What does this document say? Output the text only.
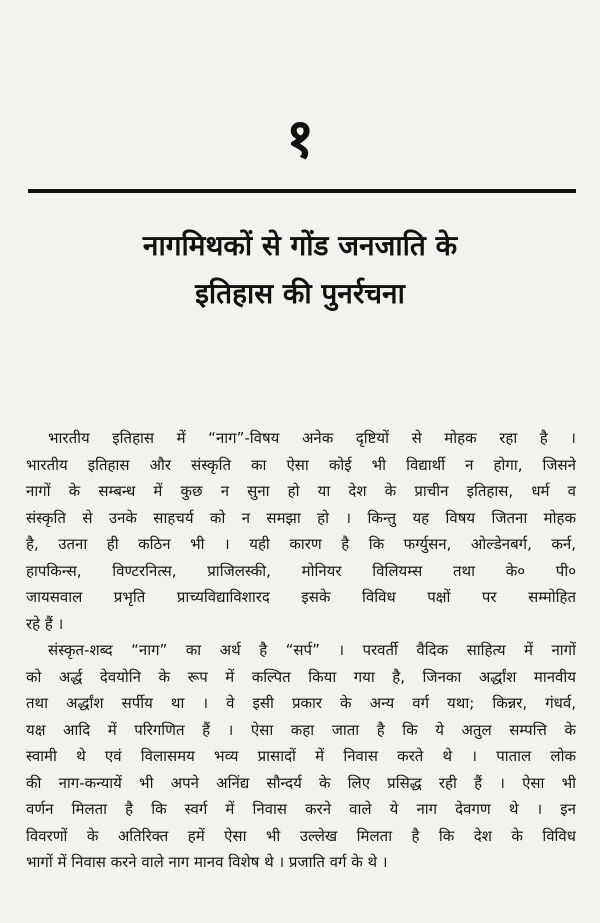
१
नागमिथकों से गोंड जनजाति के
इतिहास की पुनर्रचना
भारतीय इतिहास में “नाग”-विषय अनेक दृष्टियों से मोहक रहा है ।
भारतीय इतिहास और संस्कृति का ऐसा कोई भी विद्यार्थी न होगा, जिसने
नागों के सम्बन्ध में कुछ न सुना हो या देश के प्राचीन इतिहास, धर्म व
संस्कृति से उनके साहचर्य को न समझा हो । किन्तु यह विषय जितना मोहक
है, उतना ही कठिन भी । यही कारण है कि फर्ग्युसन, ओल्डेनबर्ग, कर्न,
हापकिन्स, विण्टरनित्स, प्राजिलस्की, मोनियर विलियम्स तथा के० पी०
जायसवाल प्रभृति प्राच्यविद्याविशारद इसके विविध पक्षों पर सम्मोहित
रहे हैं ।
संस्कृत-शब्द “नाग” का अर्थ है “सर्प” । परवर्ती वैदिक साहित्य में नागों
को अर्द्ध देवयोनि के रूप में कल्पित किया गया है, जिनका अर्द्धांश मानवीय
तथा अर्द्धांश सर्पीय था । वे इसी प्रकार के अन्य वर्ग यथा; किन्नर, गंधर्व,
यक्ष आदि में परिगणित हैं । ऐसा कहा जाता है कि ये अतुल सम्पत्ति के
स्वामी थे एवं विलासमय भव्य प्रासादों में निवास करते थे । पाताल लोक
की नाग-कन्यायें भी अपने अनिंद्य सौन्दर्य के लिए प्रसिद्ध रही हैं । ऐसा भी
वर्णन मिलता है कि स्वर्ग में निवास करने वाले ये नाग देवगण थे । इन
विवरणों के अतिरिक्त हमें ऐसा भी उल्लेख मिलता है कि देश के विविध
भागों में निवास करने वाले नाग मानव विशेष थे । प्रजाति वर्ग के थे ।
